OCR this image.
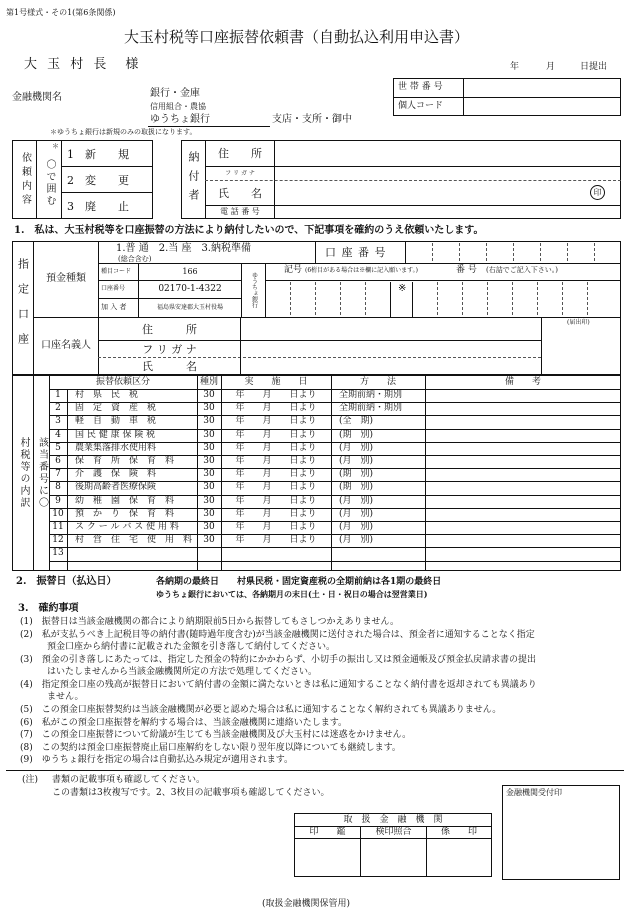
第1号様式・その1(第6条関係)
大玉村税等口座振替依頼書（自動払込利用申込書）
大 玉 村 長　様	年	月	日提出
金融機関名	銀行・金庫
信用組合・農協
ゆうちょ銀行	支店・支所・御中
＊ゆうちょ銀行は新規のみの取扱になります。
世 帯 番 号
個人コード
依頼内容	〇で囲む
＊
1　新　　規
2　変　　更
3　廃　　止	納付者	住　　所
フ リ ガ ナ
氏　　名
電 話 番 号
印
1.　私は、大玉村税等を口座振替の方法により納付したいので、下記事項を確約のうえ依頼いたします。
指定口座	預金種類
1.普 通　2.当 座　3.納税準備
(総合含む)	口 座 番 号
種目コード	166
口座番号	02170-1-4322
加 入 者	福島県安達郡大玉村役場	ゆうちょ銀行
記号 (6桁目がある場合は※欄に記入願います。)	番 号 (右詰でご記入下さい。)
※
口座名義人
住　　　所
フ リ ガ ナ
氏　　　名
(届出印)
村税等の内訳 該当番号に〇
振替依頼区分	種別	実　　施　　日	方　　法	備　　考
1	村　県　民　税	30	年　　月　　日より	全期前納・期別
2	固　定　資　産　税	30	年　　月　　日より	全期前納・期別
3	軽　自　動　車　税	30	年　　月　　日より	(全　期)
4	国 民 健 康 保 険 税	30	年　　月　　日より	(期　別)
5	農業集落排水使用料	30	年　　月　　日より	(月　別)
6	保　育　所　保　育　料	30	年　　月　　日より	(月　別)
7	介　護　保　険　料	30	年　　月　　日より	(期　別)
8	後期高齢者医療保険	30	年　　月　　日より	(期　別)
9	幼　稚　園　保　育　料	30	年　　月　　日より	(月　別)
10	預　か　り　保　育　料	30	年　　月　　日より	(月　別)
11	ス ク ー ル バ ス 使 用 料	30	年　　月　　日より	(月　別)
12	村　営　住　宅　使　用　料	30	年　　月　　日より	(月　別)
13
2.　振替日（払込日）	各納期の最終日　　村県民税・固定資産税の全期前納は各1期の最終日
ゆうちょ銀行においては、各納期月の末日(土・日・祝日の場合は翌営業日)
3.　確約事項
(1)　振替日は当該金融機関の都合により納期限前5日から振替してもさしつかえありません。
(2)　私が支払うべき上記税目等の納付書(随時過年度含む)が当該金融機関に送付された場合は、預金者に通知することなく指定
　　　預金口座から納付書に記載された金額を引き落して納付してください。
(3)　預金の引き落しにあたっては、指定した預金の特約にかかわらず、小切手の振出し又は預金通帳及び預金払戻請求書の提出
　　　はいたしませんから当該金融機関所定の方法で処理してください。
(4)　指定預金口座の残高が振替日において納付書の金額に満たないときは私に通知することなく納付書を返却されても異議あり
　　　ません。
(5)　この預金口座振替契約は当該金融機関が必要と認めた場合は私に通知することなく解約されても異議ありません。
(6)　私がこの預金口座振替を解約する場合は、当該金融機関に連絡いたします。
(7)　この預金口座振替について紛議が生じても当該金融機関及び大玉村には迷惑をかけません。
(8)　この契約は預金口座振替廃止届口座解約をしない限り翌年度以降についても継続します。
(9)　ゆうちょ銀行を指定の場合は自動払込み規定が適用されます。
(注) 書類の記載事項も確認してください。
この書類は3枚複写です。2、3枚目の記載事項も確認してください。
取　扱　金　融　機　関
印　　鑑	検印照合	係　　印
金融機関受付印
(取扱金融機関保管用)
